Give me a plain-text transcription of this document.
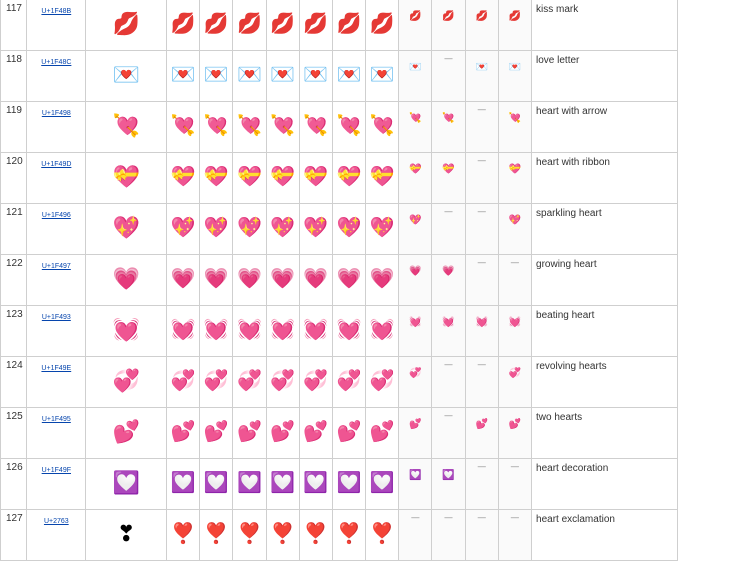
117	U+1F48B	💋	💋	💋	💋	💋	💋	💋	💋	💋	💋	💋	💋	kiss mark
118	U+1F48C	💌	💌	💌	💌	💌	💌	💌	💌	💌	—	💌	💌	love letter
119	U+1F498	💘	💘	💘	💘	💘	💘	💘	💘	💘	💘	—	💘	heart with arrow
120	U+1F49D	💝	💝	💝	💝	💝	💝	💝	💝	💝	💝	—	💝	heart with ribbon
121	U+1F496	💖	💖	💖	💖	💖	💖	💖	💖	💖	—	—	💖	sparkling heart
122	U+1F497	💗	💗	💗	💗	💗	💗	💗	💗	💗	💗	—	—	growing heart
123	U+1F493	💓	💓	💓	💓	💓	💓	💓	💓	💓	💓	💓	💓	beating heart
124	U+1F49E	💞	💞	💞	💞	💞	💞	💞	💞	💞	—	—	💞	revolving hearts
125	U+1F495	💕	💕	💕	💕	💕	💕	💕	💕	💕	—	💕	💕	two hearts
126	U+1F49F	💟	💟	💟	💟	💟	💟	💟	💟	💟	💟	—	—	heart decoration
127	U+2763	❣	❣️	❣️	❣️	❣️	❣️	❣️	❣️	—	—	—	—	heart exclamation
